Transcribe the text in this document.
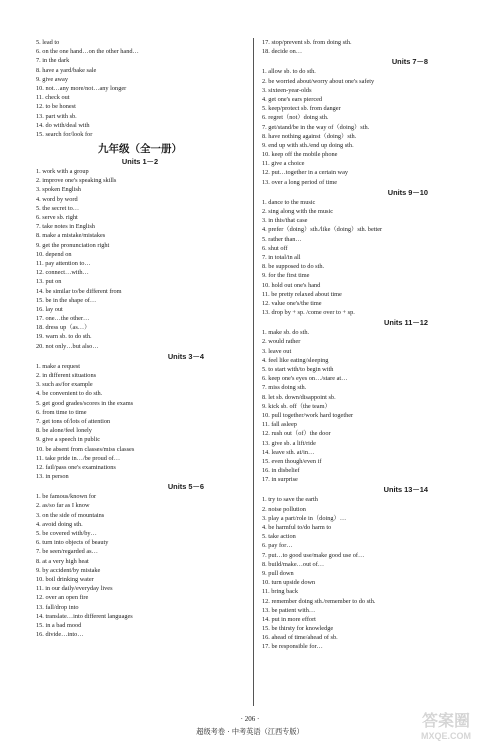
5. lead to
6. on the one hand…on the other hand…
7. in the dark
8. have a yard/bake sale
9. give away
10. not…any more/not…any longer
11. check out
12. to be honest
13. part with sb.
14. do with/deal with
15. search for/look for
九年级（全一册）
Units 1－2
1. work with a group
2. improve one's speaking skills
3. spoken English
4. word by word
5. the secret to…
6. serve sb. right
7. take notes in English
8. make a mistake/mistakes
9. get the pronunciation right
10. depend on
11. pay attention to…
12. connect…with…
13. put on
14. be similar to/be different from
15. be in the shape of…
16. lay out
17. one…the other…
18. dress up（as…）
19. warn sb. to do sth.
20. not only…but also…
Units 3－4
1. make a request
2. in different situations
3. such as/for example
4. be convenient to do sth.
5. get good grades/scores in the exams
6. from time to time
7. get tons of/lots of attention
8. be alone/feel lonely
9. give a speech in public
10. be absent from classes/miss classes
11. take pride in…/be proud of…
12. fail/pass one's examinations
13. in person
Units 5－6
1. be famous/known for
2. as/so far as I know
3. on the side of mountains
4. avoid doing sth.
5. be covered with/by…
6. turn into objects of beauty
7. be seen/regarded as…
8. at a very high heat
9. by accident/by mistake
10. boil drinking water
11. in our daily/everyday lives
12. over an open fire
13. fall/drop into
14. translate…into different languages
15. in a bad mood
16. divide…into…
17. stop/prevent sb. from doing sth.
18. decide on…
Units 7－8
1. allow sb. to do sth.
2. be worried about/worry about one's safety
3. sixteen-year-olds
4. get one's ears pierced
5. keep/protect sb. from danger
6. regret（not）doing sth.
7. get/stand/be in the way of（doing）sth.
8. have nothing against（doing）sth.
9. end up with sth./end up doing sth.
10. keep off the mobile phone
11. give a choice
12. put…together in a certain way
13. over a long period of time
Units 9－10
1. dance to the music
2. sing along with the music
3. in this/that case
4. prefer（doing）sth./like（doing）sth. better
5. rather than…
6. shut off
7. in total/in all
8. be supposed to do sth.
9. for the first time
10. hold out one's hand
11. be pretty relaxed about time
12. value one's/the time
13. drop by + sp. /come over to + sp.
Units 11－12
1. make sb. do sth.
2. would rather
3. leave out
4. feel like eating/sleeping
5. to start with/to begin with
6. keep one's eyes on…/stare at…
7. miss doing sth.
8. let sb. down/disappoint sb.
9. kick sb. off（the team）
10. pull together/work hard together
11. fall asleep
12. rush out（of）the door
13. give sb. a lift/ride
14. leave sth. at/in…
15. even though/even if
16. in disbelief
17. in surprise
Units 13－14
1. try to save the earth
2. noise pollution
3. play a part/role in（doing）…
4. be harmful to/do harm to
5. take action
6. pay for…
7. put…to good use/make good use of…
8. build/make…out of…
9. pull down
10. turn upside down
11. bring back
12. remember doing sth./remember to do sth.
13. be patient with…
14. put in more effort
15. be thirsty for knowledge
16. ahead of time/ahead of sb.
17. be responsible for…
· 206 ·
超级考卷 · 中考英语（江西专版）
答案圈
MXQE.COM
